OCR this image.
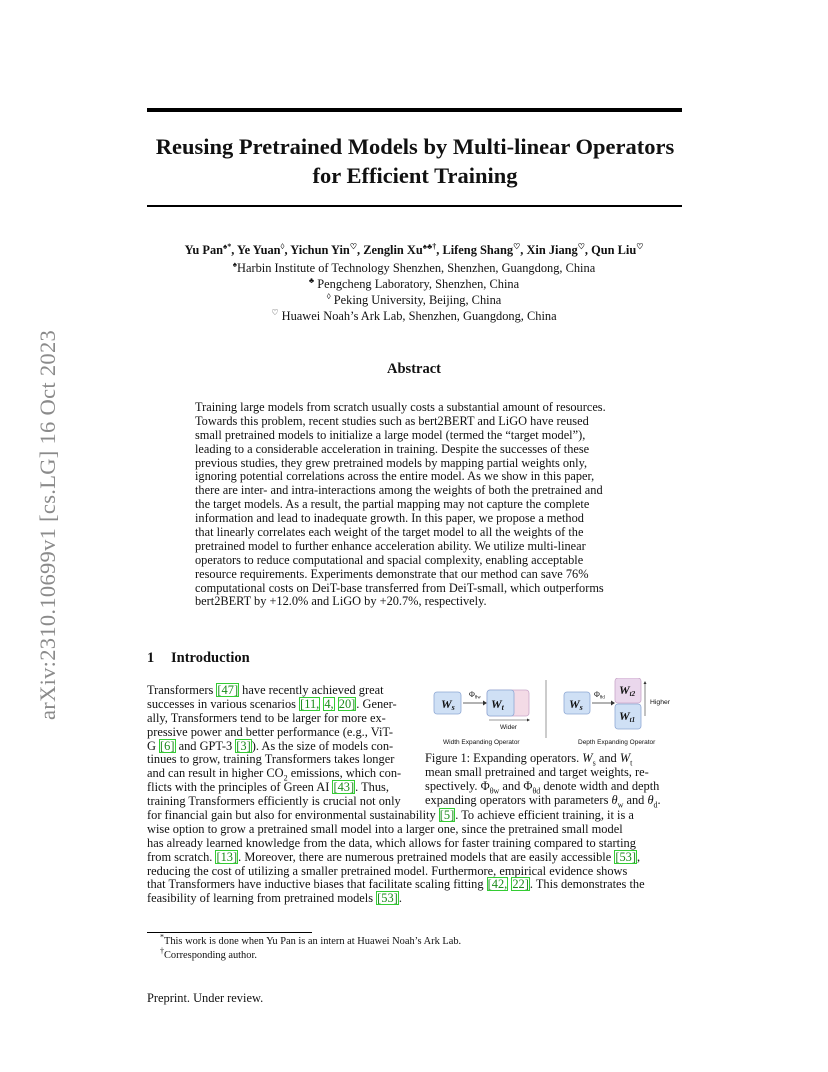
arXiv:2310.10699v1 [cs.LG] 16 Oct 2023
Reusing Pretrained Models by Multi-linear Operators
for Efficient Training
Yu Pan♠*, Ye Yuan◊, Yichun Yin♡, Zenglin Xu♠♣†, Lifeng Shang♡, Xin Jiang♡, Qun Liu♡
♠Harbin Institute of Technology Shenzhen, Shenzhen, Guangdong, China
♣ Pengcheng Laboratory, Shenzhen, China
◊ Peking University, Beijing, China
♡ Huawei Noah’s Ark Lab, Shenzhen, Guangdong, China
Abstract
Training large models from scratch usually costs a substantial amount of resources.
Towards this problem, recent studies such as bert2BERT and LiGO have reused
small pretrained models to initialize a large model (termed the “target model”),
leading to a considerable acceleration in training. Despite the successes of these
previous studies, they grew pretrained models by mapping partial weights only,
ignoring potential correlations across the entire model. As we show in this paper,
there are inter- and intra-interactions among the weights of both the pretrained and
the target models. As a result, the partial mapping may not capture the complete
information and lead to inadequate growth. In this paper, we propose a method
that linearly correlates each weight of the target model to all the weights of the
pretrained model to further enhance acceleration ability. We utilize multi-linear
operators to reduce computational and spacial complexity, enabling acceptable
resource requirements. Experiments demonstrate that our method can save 76%
computational costs on DeiT-base transferred from DeiT-small, which outperforms
bert2BERT by +12.0% and LiGO by +20.7%, respectively.
1 Introduction
Transformers [47] have recently achieved great
successes in various scenarios [11, 4, 20]. Gener-
ally, Transformers tend to be larger for more ex-
pressive power and better performance (e.g., ViT-
G [6] and GPT-3 [3]). As the size of models con-
tinues to grow, training Transformers takes longer
and can result in higher $CO_2$ emissions, which con-
flicts with the principles of Green AI [43]. Thus,
training Transformers efficiently is crucial not only
Ws
Φθw Wt
Wider
Width Expanding Operator
Ws
Φθd
Wt2
Wt1
Higher
Depth Expanding Operator
Figure 1: Expanding operators. $W_s$ and $W_t$
mean small pretrained and target weights, re-
spectively. $\Phi_{\theta w}$ and $\Phi_{\theta d}$ denote width and depth
expanding operators with parameters $\theta_w$ and $\theta_d$.
for financial gain but also for environmental sustainability [5]. To achieve efficient training, it is a
wise option to grow a pretrained small model into a larger one, since the pretrained small model
has already learned knowledge from the data, which allows for faster training compared to starting
from scratch. [13]. Moreover, there are numerous pretrained models that are easily accessible [53],
reducing the cost of utilizing a smaller pretrained model. Furthermore, empirical evidence shows
that Transformers have inductive biases that facilitate scaling fitting [42, 22]. This demonstrates the
feasibility of learning from pretrained models [53].
*This work is done when Yu Pan is an intern at Huawei Noah’s Ark Lab.
†Corresponding author.
Preprint. Under review.
